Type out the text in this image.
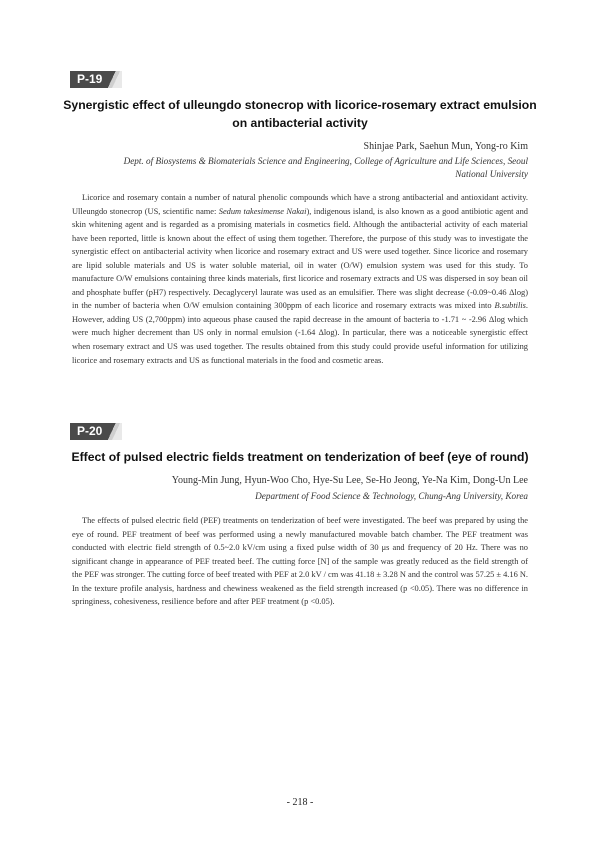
P-19
Synergistic effect of ulleungdo stonecrop with licorice-rosemary extract emulsion
on antibacterial activity

Shinjae Park, Saehun Mun, Yong-ro Kim

Dept. of Biosystems & Biomaterials Science and Engineering, College of Agriculture and Life Sciences, Seoul
National University

Licorice and rosemary contain a number of natural phenolic compounds which have a strong antibacterial and antioxidant activity. Ulleungdo stonecrop (US, scientific name: Sedum takesimense Nakai), indigenous island, is also known as a good antibiotic agent and skin whitening agent and is regarded as a promising materials in cosmetics field. Although the antibacterial activity of each material have been reported, little is known about the effect of using them together. Therefore, the purpose of this study was to investigate the synergistic effect on antibacterial activity when licorice and rosemary extract and US were used together. Since licorice and rosemary are lipid soluble materials and US is water soluble material, oil in water (O/W) emulsion system was used for this study. To manufacture O/W emulsions containing three kinds materials, first licorice and rosemary extracts and US was dispersed in soy bean oil and phosphate buffer (pH7) respectively. Decaglyceryl laurate was used as an emulsifier. There was slight decrease (-0.09~0.46 Δlog) in the number of bacteria when O/W emulsion containing 300ppm of each licorice and rosemary extracts was mixed into B.subtilis. However, adding US (2,700ppm) into aqueous phase caused the rapid decrease in the amount of bacteria to -1.71 ~ -2.96 Δlog which were much higher decrement than US only in normal emulsion (-1.64 Δlog). In particular, there was a noticeable synergistic effect when rosemary extract and US was used together. The results obtained from this study could provide useful information for utilizing licorice and rosemary extracts and US as functional materials in the food and cosmetic areas.

P-20
Effect of pulsed electric fields treatment on tenderization of beef (eye of round)

Young-Min Jung, Hyun-Woo Cho, Hye-Su Lee, Se-Ho Jeong, Ye-Na Kim, Dong-Un Lee

Department of Food Science & Technology, Chung-Ang University, Korea

The effects of pulsed electric field (PEF) treatments on tenderization of beef were investigated. The beef was prepared by using the eye of round. PEF treatment of beef was performed using a newly manufactured movable batch chamber. The PEF treatment was conducted with electric field strength of 0.5~2.0 kV/cm using a fixed pulse width of 30 μs and frequency of 20 Hz. There was no significant change in appearance of PEF treated beef. The cutting force [N] of the sample was greatly reduced as the field strength of the PEF was stronger. The cutting force of beef treated with PEF at 2.0 kV / cm was 41.18 ± 3.28 N and the control was 57.25 ± 4.16 N. In the texture profile analysis, hardness and chewiness weakened as the field strength increased (p <0.05). There was no difference in springiness, cohesiveness, resilience before and after PEF treatment (p <0.05).

- 218 -
